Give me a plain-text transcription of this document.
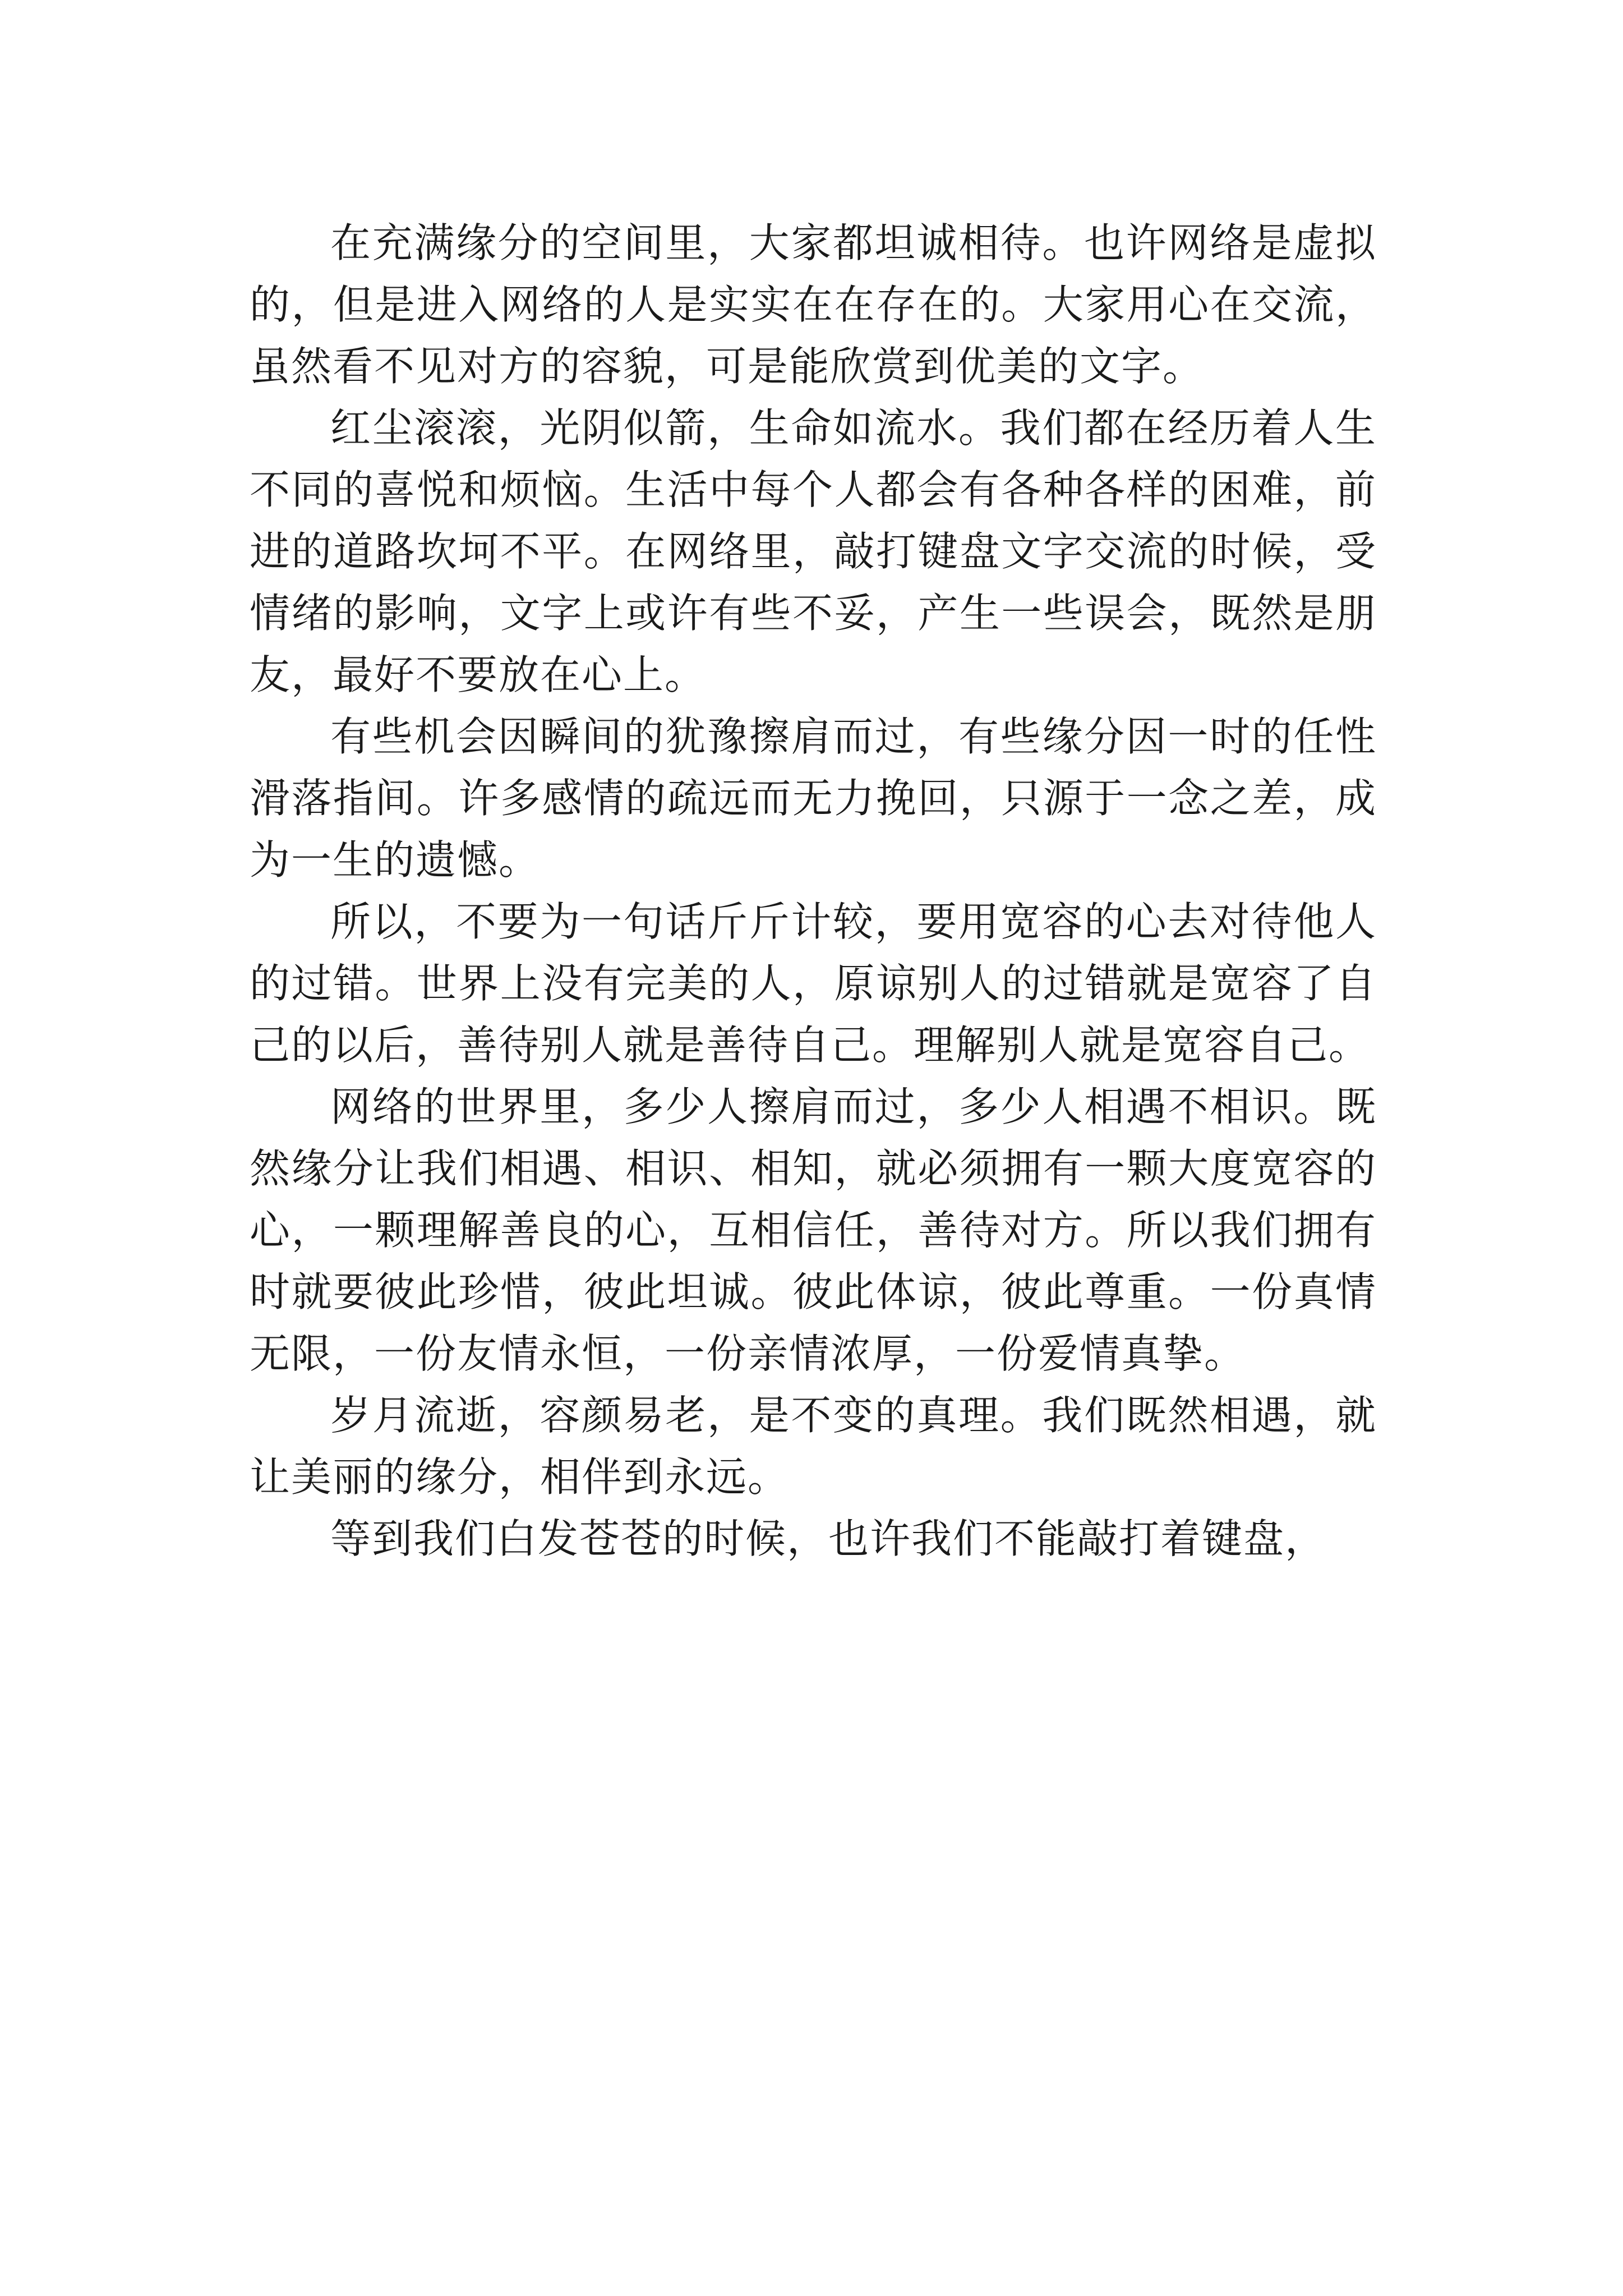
在充满缘分的空间里，大家都坦诚相待。也许网络是虚拟的，但是进入网络的人是实实在在存在的。大家用心在交流，虽然看不见对方的容貌，可是能欣赏到优美的文字。

红尘滚滚，光阴似箭，生命如流水。我们都在经历着人生不同的喜悦和烦恼。生活中每个人都会有各种各样的困难，前进的道路坎坷不平。在网络里，敲打键盘文字交流的时候，受情绪的影响，文字上或许有些不妥，产生一些误会，既然是朋友，最好不要放在心上。

有些机会因瞬间的犹豫擦肩而过，有些缘分因一时的任性滑落指间。许多感情的疏远而无力挽回，只源于一念之差，成为一生的遗憾。

所以，不要为一句话斤斤计较，要用宽容的心去对待他人的过错。世界上没有完美的人，原谅别人的过错就是宽容了自己的以后，善待别人就是善待自己。理解别人就是宽容自己。

网络的世界里，多少人擦肩而过，多少人相遇不相识。既然缘分让我们相遇、相识、相知，就必须拥有一颗大度宽容的心，一颗理解善良的心，互相信任，善待对方。所以我们拥有时就要彼此珍惜，彼此坦诚。彼此体谅，彼此尊重。一份真情无限，一份友情永恒，一份亲情浓厚，一份爱情真挚。

岁月流逝，容颜易老，是不变的真理。我们既然相遇，就让美丽的缘分，相伴到永远。

等到我们白发苍苍的时候，也许我们不能敲打着键盘，
